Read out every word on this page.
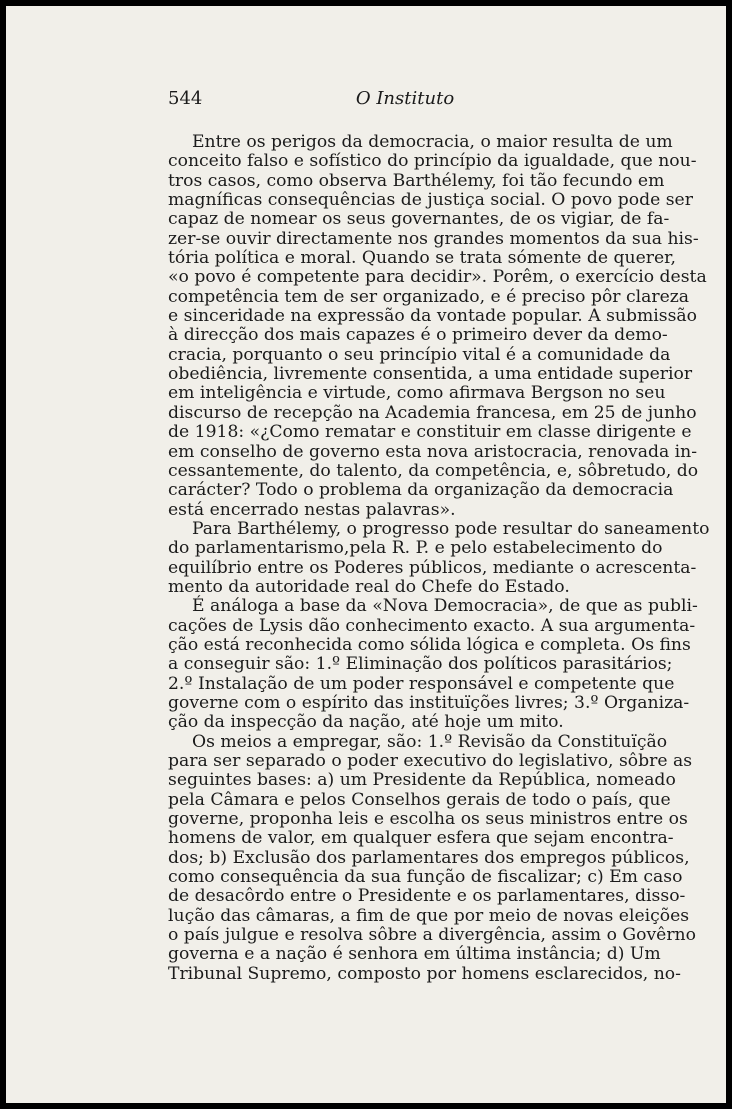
544	O Instituto
Entre os perigos da democracia, o maior resulta de um
conceito falso e sofístico do princípio da igualdade, que nou-
tros casos, como observa Barthélemy, foi tão fecundo em
magníficas consequências de justiça social. O povo pode ser
capaz de nomear os seus governantes, de os vigiar, de fa-
zer-se ouvir directamente nos grandes momentos da sua his-
tória política e moral. Quando se trata sómente de querer,
«o povo é competente para decidir». Porêm, o exercício desta
competência tem de ser organizado, e é preciso pôr clareza
e sinceridade na expressão da vontade popular. A submissão
à direcção dos mais capazes é o primeiro dever da demo-
cracia, porquanto o seu princípio vital é a comunidade da
obediência, livremente consentida, a uma entidade superior
em inteligência e virtude, como afirmava Bergson no seu
discurso de recepção na Academia francesa, em 25 de junho
de 1918: «¿Como rematar e constituir em classe dirigente e
em conselho de governo esta nova aristocracia, renovada in-
cessantemente, do talento, da competência, e, sôbretudo, do
carácter? Todo o problema da organização da democracia
está encerrado nestas palavras».
Para Barthélemy, o progresso pode resultar do saneamento
do parlamentarismo,pela R. P. e pelo estabelecimento do
equilíbrio entre os Poderes públicos, mediante o acrescenta-
mento da autoridade real do Chefe do Estado.
É análoga a base da «Nova Democracia», de que as publi-
cações de Lysis dão conhecimento exacto. A sua argumenta-
ção está reconhecida como sólida lógica e completa. Os fins
a conseguir são: 1.º Eliminação dos políticos parasitários;
2.º Instalação de um poder responsável e competente que
governe com o espírito das instituïções livres; 3.º Organiza-
ção da inspecção da nação, até hoje um mito.
Os meios a empregar, são: 1.º Revisão da Constituïção
para ser separado o poder executivo do legislativo, sôbre as
seguintes bases: a) um Presidente da República, nomeado
pela Câmara e pelos Conselhos gerais de todo o país, que
governe, proponha leis e escolha os seus ministros entre os
homens de valor, em qualquer esfera que sejam encontra-
dos; b) Exclusão dos parlamentares dos empregos públicos,
como consequência da sua função de fiscalizar; c) Em caso
de desacôrdo entre o Presidente e os parlamentares, disso-
lução das câmaras, a fim de que por meio de novas eleições
o país julgue e resolva sôbre a divergência, assim o Govêrno
governa e a nação é senhora em última instância; d) Um
Tribunal Supremo, composto por homens esclarecidos, no-
